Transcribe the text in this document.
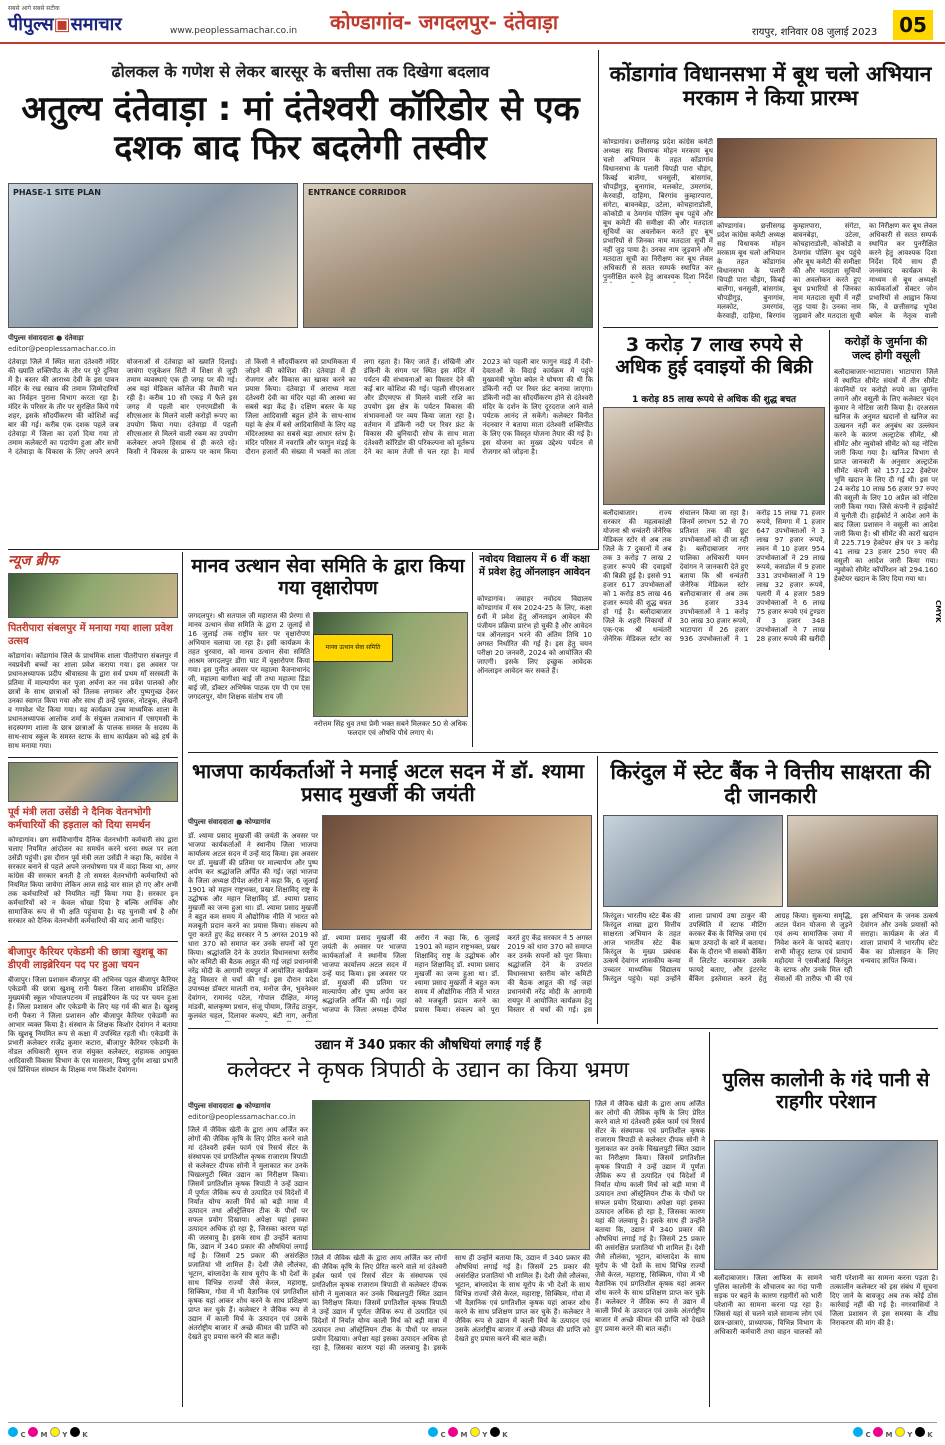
सबसे आगे सबसे सटीक
पीपुल्स▣समाचार	www.peoplessamachar.co.in कोण्डागांव- जगदलपुर- दंतेवाड़ा	रायपुर, शनिवार 08 जुलाई 2023	05
ढोलकल के गणेश से लेकर बारसूर के बत्तीसा तक दिखेगा बदलाव
अतुल्य दंतेवाड़ा : मां दंतेश्वरी कॉरिडोर से एक दशक बाद फिर बदलेगी तस्वीर
PHASE-1 SITE PLAN	ENTRANCE CORRIDOR
पीपुल्स संवाददाता ● दंतेवाड़ा
editor@peoplessamachar.co.in
दंतेवाड़ा जिले में स्थित माता दंतेश्वरी मंदिर की ख्याति शक्तिपीठ के तौर पर पूरे दुनिया में है। बस्तर की आराध्य देवी के इस पावन मंदिर के रख रखाव की तमाम जिम्मेदारियों का निर्वहन पुराना विभाग करता रहा है। मंदिर के परिसर के तौर पर सुरक्षित किये गये शहर, इसके सौंदर्यीकरण की कोशिशें कई बार की गई। करीब एक दशक पहले जब दंतेवाड़ा में जिला का दर्जा दिया गया तो तमाम कलेक्टरों का पदार्पण हुआ और सभी ने दंतेवाड़ा के विकास के लिए अपने अपने योजनाओं से दंतेवाड़ा को ख्याति दिलाई। जावंगा एजुकेशन सिटी में शिक्षा से जुड़ी तमाम व्यवस्थाएं एक ही जगह पर की गई। अब यहां मेडिकल कॉलेज की तैयारी चल रही है। करीब 10 सौ एकड़ में फैले इस जगह में पहली बार एनएमडीसी के सीएसआर के मिलने वाली करोड़ों रूपए का उपयोग किया गया। दंतेवाड़ा में पहली सीएसआर से मिलने वाली रकम का उपयोग कलेक्टर अपने हिसाब से ही करते रहे। किसी ने विकास के प्रारूप पर काम किया तो किसी ने सौंदर्यीकरण को प्राथमिकता में जोड़ने की कोशिश की। दंतेवाड़ा में ही रोजगार और विकास का खाका करने का प्रयास किया। दंतेवाड़ा में आराध्य माता दंतेश्वरी देवी का मंदिर यहां की आस्था का सबसे बड़ा केंद्र है। दक्षिण बस्तर के यह जिला आदिवासी बहुल होने के साथ-साथ यहां के क्षेत्र में बसे आदिवासियों के लिए यह मंदिरआस्था का सबसे बड़ा आधार स्तंभ है। मंदिर परिसर में नवरात्रि और फागुन मंडई के दौरान हजारों की संख्या में भक्तों का तांता लगा रहता है। किए जाते हैं। शंखिनी और डंकिनी के संगम पर स्थित इस मंदिर में पर्यटन की संभावनाओं का विस्तार देने की कई बार कोशिश की गई। पहली सीएसआर और डीएमएफ से मिलने वाली राशि का उपयोग इस क्षेत्र के पर्यटन विकास की संभावनाओं पर व्यय किया जाता रहा है। वर्तमान में डंकिनी नदी पर रिवर फ्रंट के विकास की बुनियादी सोच के साथ माता दंतेश्वरी कॉरिडोर की परिकल्पना को मूर्तरूप देने का काम तेजी से चल रहा है। मार्च 2023 को पहली बार फागुन मंडई में देवी-देवताओं के विदाई कार्यक्रम में पहुंचे मुख्यमंत्री भूपेश बघेल ने घोषणा की थी कि डंकिनी नदी पर रिवर फ्रंट बनाया जाएगा। डंकिनी नदी का सौंदर्यीकरण होने से दंतेश्वरी मंदिर के दर्शन के लिए दूरदराज आने वाले पर्यटक आनंद ले सकेंगे। कलेक्टर विनीत नंदनवार ने बताया माता दंतेश्वरी शक्तिपीठ के लिए एक विस्तृत योजना तैयार की गई है। इस योजना का मुख्य उद्देश्य पर्यटन से रोजगार को जोड़ना है।
कोंडागांव विधानसभा में बूथ चलो अभियान मरकाम ने किया प्रारम्भ
कोण्डागांव। छत्तीसगढ़ प्रदेश कांग्रेस कमेटी अध्यक्ष सह विधायक मोहन मरकाम बूथ चलो अभियान के तहत कोंडागांव विधानसभा के पलारी चिपड़ी पारा चौड़ंग, किबई बालेंगा, धनसुली, बांसगांव, चौपड़ीगुड़, बुनागांव, मलकोट, उमरगांव, केरवाही, दाहिमा, बिरगांव कुम्हारपारा, संगेटा, बावनबेड़ा, उटेला, कोचहाराडोली, कोकोडी व ठेमगांव पोलिंग बूथ पहुंचे और बूथ कमेटी की समीक्षा की और मतदाता सूचियों का अवलोकन करते हुए बूथ प्रभारियों से जिनका नाम मतदाता सूची में नहीं जुड़ पाया है। उनका नाम जुड़वाने और मतदाता सूची का निरीक्षण कर बूथ लेवल अधिकारी से सतत सम्पर्क स्थापित कर पुनरीक्षित करने हेतु आवश्यक दिशा निर्देश
कोण्डागांव। छत्तीसगढ़ प्रदेश कांग्रेस कमेटी अध्यक्ष सह विधायक मोहन मरकाम बूथ चलो अभियान के तहत कोंडागांव विधानसभा के पलारी चिपड़ी पारा चौड़ंग, किबई बालेंगा, धनसुली, बांसगांव, चौपड़ीगुड़, बुनागांव, मलकोट, उमरगांव, केरवाही, दाहिमा, बिरगांव कुम्हारपारा, संगेटा, बावनबेड़ा, उटेला, कोचहाराडोली, कोकोडी व ठेमगांव पोलिंग बूथ पहुंचे और बूथ कमेटी की समीक्षा की और मतदाता सूचियों का अवलोकन करते हुए बूथ प्रभारियों से जिनका नाम मतदाता सूची में नहीं जुड़ पाया है। उनका नाम जुड़वाने और मतदाता सूची का निरीक्षण कर बूथ लेवल अधिकारी से सतत सम्पर्क स्थापित कर पुनरीक्षित करने हेतु आवश्यक दिशा निर्देश दिये साथ ही जनसंवाद कार्यक्रम के माध्यम से बूथ अध्यक्षों कार्यकर्ताओं सेक्टर जोन प्रभारियों से आह्वान किया कि, वे छत्तीसगढ़ भूपेश बघेल के नेतृत्व वाली
3 करोड़ 7 लाख रुपये से अधिक हुई दवाइयों की बिक्री
1 करोड़ 85 लाख रूपये से अधिक की शुद्ध बचत
बलौदाबाजार। राज्य सरकार की महत्वकांक्षी योजना श्री धन्वंतरी जेनेरिक मेडिकल स्टोर से अब तक जिले के 7 दुकानों में अब तक 3 करोड़ 7 लाख 2 हजार रूपये की दवाइयों की बिक्री हुई है। इससे 91 हजार 617 उपभोक्ताओं को 1 करोड़ 85 लाख 46 हजार रूपये की शुद्ध बचत हो गई है। बलौदाबाजार जिले के शहरी निकायों में एक-एक श्री धन्वंतरी जेनेरिक मेडिकल स्टोर का संचालन किया जा रहा है। जिनमें लगभग 52 से 70 प्रतिशत तक की छूट उपभोक्ताओं को दी जा रही है। बलौदाबाजार नगर पालिका अधिकारी यमन देवांगन ने जानकारी देते हुए बताया कि श्री धन्वंतरी जेनेरिक मेडिकल स्टोर बलौदाबाजार से अब तक 36 हजार 334 उपभोक्ताओं ने 1 करोड़ 30 लाख 30 हजार रूपये, भाटापारा में 26 हजार 936 उपभोक्ताओं ने 1 करोड़ 15 लाख 71 हजार रूपये, सिमगा में 1 हजार 647 उपभोक्ताओं ने 3 लाख 97 हजार रूपये, लवन में 10 हजार 954 उपभोक्ताओं ने 29 लाख रूपये, कसडोल में 9 हजार 331 उपभोक्ताओं ने 19 लाख 32 हजार रूपये, पलारी में 4 हजार 589 उपभोक्ताओं ने 6 लाख 75 हजार रूपये एवं टुण्डरा में 3 हजार 348 उपभोक्ताओं ने 7 लाख 28 हजार रूपये की खरीदी
करोड़ों के जुर्माना की जल्द होगी वसूली
बलौदाबाजार-भाटापारा। भाटापारा जिले में स्थापित सीमेंट संयंत्रों में तीन सीमेंट कंपनियों पर करोड़ो रुपये का जुर्माना लगाने और वसूली के लिए कलेक्टर चंदन कुमार ने नोटिस जारी किया है। दरअसल खनिज के अनुमत खदानों से खनिज का उत्खनन नहीं कर अनुबंध का उल्लंघन करने के कारण अल्ट्राटेक सीमेंट, श्री सीमेंट और न्युवोको सीमेंट को यह नोटिस जारी किया गया है। खनिज विभाग से प्राप्त जानकारी के अनुसार अल्ट्राटेक सीमेंट कंपनी को 157.122 हेक्टेयर भूमि खदान के लिए दी गई थी। इस पर 24 करोड़ 10 लाख 56 हजार 97 रुपए की वसूली के लिए 10 अप्रैल को नोटिस जारी किया गया। जिसे कंपनी ने हाईकोर्ट में चुनौती दी। हाईकोर्ट ने आदेश आने के बाद जिला प्रशासन ने वसूली का आदेश जारी किया है। श्री सीमेंट की कारों खदान में 225.719 हेक्टेयर क्षेत्र पर 3 करोड़ 41 लाख 23 हजार 250 रुपए की वसूली का आदेश जारी किया गया। न्युवोको सीमेंट कॉर्पोरेशन को 294.160 हेक्टेयर खदान के लिए दिया गया था।
न्यूज ब्रीफ
पितरीपारा संबलपुर में मनाया गया शाला प्रवेश उत्सव
कोंडागांव। कोंडागांव जिले के प्राथमिक शाला पीतरीपारा संबलपुर में नवप्रवेशी बच्चों का शाला प्रवेश कराया गया। इस अवसर पर प्रधानअध्यापक प्रदीप श्रीवास्तव के द्वारा सर्व प्रथम माँ सरस्वती के प्रतिमा में माल्यार्पण कर पूजा अर्चना कर नव प्रवेश पालको और छात्रों के साथ छात्राओं को तिलक लगाकर और पुष्पगुच्छ देकर उनका स्वागत किया गया और साथ ही उन्हें पुस्तक, नोटबुक, लेखनी व गणवेश भेंट किया गया। यह कार्यक्रम उच्च माध्यमिक शाला के प्रधानअध्यापक आलोक शर्मा के संयुक्त तत्वाधान में एसएमसी के सदस्यगण शाला के छात्र छात्राओं के पालक समस्त के सदस्य के साथ-साथ स्कूल के समस्त स्टाफ के साथ कार्यक्रम को बढ़े हर्ष के साथ मनाया गया।
पूर्व मंत्री लता उसेंडी ने दैनिक वेतनभोगी कर्मचारियों की हड़ताल को दिया समर्थन
कोण्डागांव। छग सर्वविभागीय दैनिक वेतनभोगी कर्मचारी संघ द्वारा चलाए नियमित आंदोलन का समर्थन करने धरना स्थल पर लता उसेंडी पहुंची। इस दौरान पूर्व मंत्री लता उसेंडी ने कहा कि, कांग्रेस ने सरकार बनाने से पहले अपने जनघोषणा पत्र में वादा किया था, अगर कांग्रेस की सरकार बनती है तो समस्त वेतनभोगी कर्मचारियों को नियमित किया जायेगा लेकिन आज साढ़े चार साल हो गए और अभी तक कर्मचारियों को नियमित नहीं किया गया है। सरकार इन कर्मचारियों को न केवल धोखा दिया है बल्कि आर्थिक और सामाजिक रूप से भी क्षति पहुंचाया है। यह चुनावी वर्ष है और सरकार को दैनिक वेतनभोगी कर्मचारियों की याद आनी चाहिए।
बीजापुर कैरियर एकेडमी की छात्रा खुशबू का डीएवी लाइब्रेरियन पद पर हुआ चयन
बीजापुर। जिला प्रशासन बीजापुर की अभिनव पहल बीजापुर कैरियर एकेडमी की छात्रा खुशबू रानी पैकरा जिला शासकीय प्रशिक्षित मुख्यमंत्री स्कूल भोपालपटनम में लाइब्रेरियन के पद पर चयन हुआ है। जिला प्रशासन और एकेडमी के लिए यह गर्व की बात है। खुशबू रानी पैकरा ने जिला प्रशासन और बीजापुर कैरियर एकेडमी का आभार व्यक्त किया है। संस्थान के शिक्षक किशोर देवांगन ने बताया कि खुशबू नियमित रूप से कक्षा में उपस्थित रहती थी। एकेडमी के प्रभारी कलेक्टर राजेंद्र कुमार कटारा, बीजापुर कैरियर एकेडमी के नोडल अधिकारी सुमन राज संयुक्त कलेक्टर, सहायक आयुक्त आदिवासी विकास विभाग के एस मासराम, विष्णु दुर्गम शाखा प्रभारी एवं प्रिंसिपल संस्थान के शिक्षक गण किशोर देवांगन।
मानव उत्थान सेवा समिति के द्वारा किया गया वृक्षारोपण
जगदलपुर। श्री सतपाल जी महाराज की प्रेरणा से मानव उत्थान सेवा समिति के द्वारा 2 जुलाई से 16 जुलाई तक राष्ट्रीय स्तर पर वृक्षारोपण अभियान चलाया जा रहा है। इसी कार्यक्रम के तहत धुरवारा, को मानव उत्थान सेवा समिति आश्रम जगदलपुर डोंगा घाट में वृक्षारोपण किया गया। इस पुनीत अवसर पर महात्मा वैजनाथानंद जी, महात्मा बागीशा बाई जी तथा महात्मा डिंडा बाई जी, डॉक्टर अभिषेक पाठक एम पी एम एस जगदलपुर, योग शिक्षक संतोष राय जी
मानव उत्थान सेवा समिति
नरोत्तम सिंह धुव तथा प्रेमी भक्त सबने मिलकर 50 से अधिक फलदार एवं औषधि पौधे लगाए थे।
नवोदय विद्यालय में 6 वीं कक्षा में प्रवेश हेतु ऑनलाइन आवेदन
कोण्डागांव। जवाहर नवोदय विद्यालय कोण्डागांव में सत्र 2024-25 के लिए, कक्षा 6वीं में प्रवेश हेतु ऑनलाइन आवेदन की पंजीयन प्रक्रिया प्रारंभ हो चुकी है और आवेदन पत्र ऑनलाइन भरने की अंतिम तिथि 10 अगस्त निर्धारित की गई है। इस हेतु चयन परीक्षा 20 जनवरी, 2024 को आयोजित की जाएगी। इसके लिए इच्छुक आवेदक ऑनलाइन आवेदन कर सकते हैं।
भाजपा कार्यकर्ताओं ने मनाई अटल सदन में डॉ. श्यामा प्रसाद मुखर्जी की जयंती
पीपुल्स संवाददाता ● कोण्डागांव
डॉ. श्यामा प्रसाद मुखर्जी की जयंती के अवसर पर भाजपा कार्यकर्ताओं ने स्थानीय जिला भाजपा कार्यालय अटल सदन में उन्हें याद किया। इस अवसर पर डॉ. मुखर्जी की प्रतिमा पर माल्यार्पण और पुष्प अर्पण कर श्रद्धांजलि अर्पित की गई। जहां भाजपा के जिला अध्यक्ष दीपेश अरोरा ने कहा कि, 6 जुलाई 1901 को महान राष्ट्रभक्त, प्रखर शिक्षाविद् राष्ट्र के उद्घोषक और महान शिक्षाविद् डॉ. श्यामा प्रसाद मुखर्जी का जन्म हुआ था। डॉ. श्यामा प्रसाद मुखर्जी ने बहुत कम समय में औद्योगिक नीति में भारत को मजबूती प्रदान करने का प्रयास किया। संकल्प को पूरा करते हुए केंद्र सरकार ने 5 अगस्त 2019 को धारा 370 को समाप्त कर उनके सपनों को पूरा किया। श्रद्धांजलि देने के उपरांत विधानसभा स्तरीय कोर कमिटी की बैठक आहूत की गई जहां प्रधानमंत्री नरेंद्र मोदी के आगामी रायपुर में आयोजित कार्यक्रम हेतु विस्तार से चर्चा की गई। इस दौरान प्रदेश उपाध्यक्ष डॉक्टर मालती राव, मनोज जैन, भुवनेश्वर देवांगन, रामानंद पटेल, गोपाल दीक्षित, मंगलू मांडवी, बालकृष्ण प्रधान, संजू पोयाम, जितेंद्र ठाकुर, कुलवंत चहल, दिलावर कश्यप, बंटी नाग, अनीता
डॉ. श्यामा प्रसाद मुखर्जी की जयंती के अवसर पर भाजपा कार्यकर्ताओं ने स्थानीय जिला भाजपा कार्यालय अटल सदन में उन्हें याद किया। इस अवसर पर डॉ. मुखर्जी की प्रतिमा पर माल्यार्पण और पुष्प अर्पण कर श्रद्धांजलि अर्पित की गई। जहां भाजपा के जिला अध्यक्ष दीपेश अरोरा ने कहा कि, 6 जुलाई 1901 को महान राष्ट्रभक्त, प्रखर शिक्षाविद् राष्ट्र के उद्घोषक और महान शिक्षाविद् डॉ. श्यामा प्रसाद मुखर्जी का जन्म हुआ था। डॉ. श्यामा प्रसाद मुखर्जी ने बहुत कम समय में औद्योगिक नीति में भारत को मजबूती प्रदान करने का प्रयास किया। संकल्प को पूरा करते हुए केंद्र सरकार ने 5 अगस्त 2019 को धारा 370 को समाप्त कर उनके सपनों को पूरा किया। श्रद्धांजलि देने के उपरांत विधानसभा स्तरीय कोर कमिटी की बैठक आहूत की गई जहां प्रधानमंत्री नरेंद्र मोदी के आगामी रायपुर में आयोजित कार्यक्रम हेतु विस्तार से चर्चा की गई। इस
किरंदुल में स्टेट बैंक ने वित्तीय साक्षरता की दी जानकारी
किरंदुल। भारतीय स्टेट बैंक की किरंदुल शाखा द्वारा वित्तीय साक्षरता अभियान के तहत आज भारतीय स्टेट बैंक किरंदुल के मुख्य प्रबंधक उत्कर्ष देवांगन शासकीय कन्या उच्चतर माध्यमिक विद्यालय किरंदुल पहुंचे। यहां उन्होंने शाला प्राचार्य उषा ठाकुर की उपस्थिति में स्टाफ मीटिंग करकर बैंक के विभिन्न जमा एवं ऋण उत्पादों के बारे में बताया। बैंक के दौरान भी सबको बैंकिंग में लिटरेट करवाकर उसके फायदे बताए, और इंटरनेट बैंकिंग इस्तेमाल करने हेतु आग्रह किया। सुकन्या समृद्धि, अटल पेंशन योजना से जुड़ने एवं अन्य सामाजिक जमा में निवेश करने के फायदे बताए। सभी मौजूद स्टाफ एवं प्राचार्य महोदया ने एसबीआई किरंदुल के स्टाफ और उनके मिल रही सेवाओं की तारीफ भी की एवं इस अभियान के जनक उत्कर्ष देवांगन और उनके प्रयासों को सराहा। कार्यक्रम के अंत में शाला प्राचार्य ने भारतीय स्टेट बैंक का प्रोत्साहन के लिए धन्यवाद ज्ञापित किया।
उद्यान में 340 प्रकार की औषधियां लगाई गई हैं
कलेक्टर ने कृषक त्रिपाठी के उद्यान का किया भ्रमण
पीपुल्स संवाददाता ● कोण्डागांव
editor@peoplessamachar.co.in
जिले में जैविक खेती के द्वारा आय अर्जित कर लोगों की जैविक कृषि के लिए प्रेरित करने वाले मां दंतेश्वरी हर्बल फार्म एवं रिसर्च सेंटर के संस्थापक एवं प्रगतिशील कृषक राजाराम त्रिपाठी से कलेक्टर दीपक सोनी ने मुलाकात कर उनके चिखलपुटी स्थित उद्यान का निरीक्षण किया। जिसमें प्रगतिशील कृषक त्रिपाठी ने उन्हें उद्यान में पूर्णतः जैविक रूप से उत्पादित एवं विदेशों में निर्यात योग्य काली मिर्च को बड़ी मात्रा में उत्पादन तथा ऑस्ट्रेलियन टीक के पौधों पर सफल प्रयोग दिखाया। अपेक्षा यहां इसका उत्पादन अधिक हो रहा है, जिसका कारण यहां की जलवायु है। इसके साथ ही उन्होंने बताया कि, उद्यान में 340 प्रकार की औषधियां लगाई गई है। जिसमें 25 प्रकार की असंरक्षित प्रजातियां भी शामिल हैं। देशी जैसे लौलंका, भूटान, बांग्लादेश के साथ यूरोप के भी देशों के साथ विभिन्न राज्यों जैसे केरल, महाराष्ट्र, सिक्किम, गोवा में भी वैज्ञानिक एवं प्रगतिशील कृषक यहां आकर शोध करने के साथ प्रशिक्षण प्राप्त कर चुके हैं। कलेक्टर ने जैविक रूप से उद्यान में काली मिर्च के उत्पादन एवं उसके अंतर्राष्ट्रीय बाजार में अच्छे कीमत की प्राप्ति को देखते हुए प्रयास करने की बात कही।
जिले में जैविक खेती के द्वारा आय अर्जित कर लोगों की जैविक कृषि के लिए प्रेरित करने वाले मां दंतेश्वरी हर्बल फार्म एवं रिसर्च सेंटर के संस्थापक एवं प्रगतिशील कृषक राजाराम त्रिपाठी से कलेक्टर दीपक सोनी ने मुलाकात कर उनके चिखलपुटी स्थित उद्यान का निरीक्षण किया। जिसमें प्रगतिशील कृषक त्रिपाठी ने उन्हें उद्यान में पूर्णतः जैविक रूप से उत्पादित एवं विदेशों में निर्यात योग्य काली मिर्च को बड़ी मात्रा में उत्पादन तथा ऑस्ट्रेलियन टीक के पौधों पर सफल प्रयोग दिखाया। अपेक्षा यहां इसका उत्पादन अधिक हो रहा है, जिसका कारण यहां की जलवायु है। इसके साथ ही उन्होंने बताया कि, उद्यान में 340 प्रकार की औषधियां लगाई गई है। जिसमें 25 प्रकार की असंरक्षित प्रजातियां भी शामिल हैं। देशी जैसे लौलंका, भूटान, बांग्लादेश के साथ यूरोप के भी देशों के साथ विभिन्न राज्यों जैसे केरल, महाराष्ट्र, सिक्किम, गोवा में भी वैज्ञानिक एवं प्रगतिशील कृषक यहां आकर शोध करने के साथ प्रशिक्षण प्राप्त कर चुके हैं। कलेक्टर ने जैविक रूप से उद्यान में काली मिर्च के उत्पादन एवं उसके अंतर्राष्ट्रीय बाजार में अच्छे कीमत की प्राप्ति को देखते हुए प्रयास करने की बात कही।
जिले में जैविक खेती के द्वारा आय अर्जित कर लोगों की जैविक कृषि के लिए प्रेरित करने वाले मां दंतेश्वरी हर्बल फार्म एवं रिसर्च सेंटर के संस्थापक एवं प्रगतिशील कृषक राजाराम त्रिपाठी से कलेक्टर दीपक सोनी ने मुलाकात कर उनके चिखलपुटी स्थित उद्यान का निरीक्षण किया। जिसमें प्रगतिशील कृषक त्रिपाठी ने उन्हें उद्यान में पूर्णतः जैविक रूप से उत्पादित एवं विदेशों में निर्यात योग्य काली मिर्च को बड़ी मात्रा में उत्पादन तथा ऑस्ट्रेलियन टीक के पौधों पर सफल प्रयोग दिखाया। अपेक्षा यहां इसका उत्पादन अधिक हो रहा है, जिसका कारण यहां की जलवायु है। इसके साथ ही उन्होंने बताया कि, उद्यान में 340 प्रकार की औषधियां लगाई गई है। जिसमें 25 प्रकार की असंरक्षित प्रजातियां भी शामिल हैं। देशी जैसे लौलंका, भूटान, बांग्लादेश के साथ यूरोप के भी देशों के साथ विभिन्न राज्यों जैसे केरल, महाराष्ट्र, सिक्किम, गोवा में भी वैज्ञानिक एवं प्रगतिशील कृषक यहां आकर शोध करने के साथ प्रशिक्षण प्राप्त कर चुके हैं। कलेक्टर ने जैविक रूप से उद्यान में काली मिर्च के उत्पादन एवं उसके अंतर्राष्ट्रीय बाजार में अच्छे कीमत की प्राप्ति को देखते हुए प्रयास करने की बात कही।
पुलिस कालोनी के गंदे पानी से राहगीर परेशान
बलौदाबाजार। जिला आफिस के सामने पुलिस कालोनी के शौचालय का गंदा पानी सड़क पर बहने के कारण राहगीरों को भारी परेशानी का सामना करना पड़ रहा है। जिससे यहां से चलने वाले सामान्य लोग एवं छात्र-छात्राएं, प्राध्यापक, विभिन्न विभाग के अधिकारी कर्मचारी तथा वाहन चालकों को भारी परेशानी का सामना करना पड़ता है। तत्कालीन कलेक्टर को इस संबंध में सूचना दिए जाने के बावजूद अब तक कोई ठोस कार्रवाई नहीं की गई है। नगरवासियों ने जिला प्रशासन से इस समस्या के शीघ्र निराकरण की मांग की है।
C M Y K	C M Y K	C M Y K
CMYK
